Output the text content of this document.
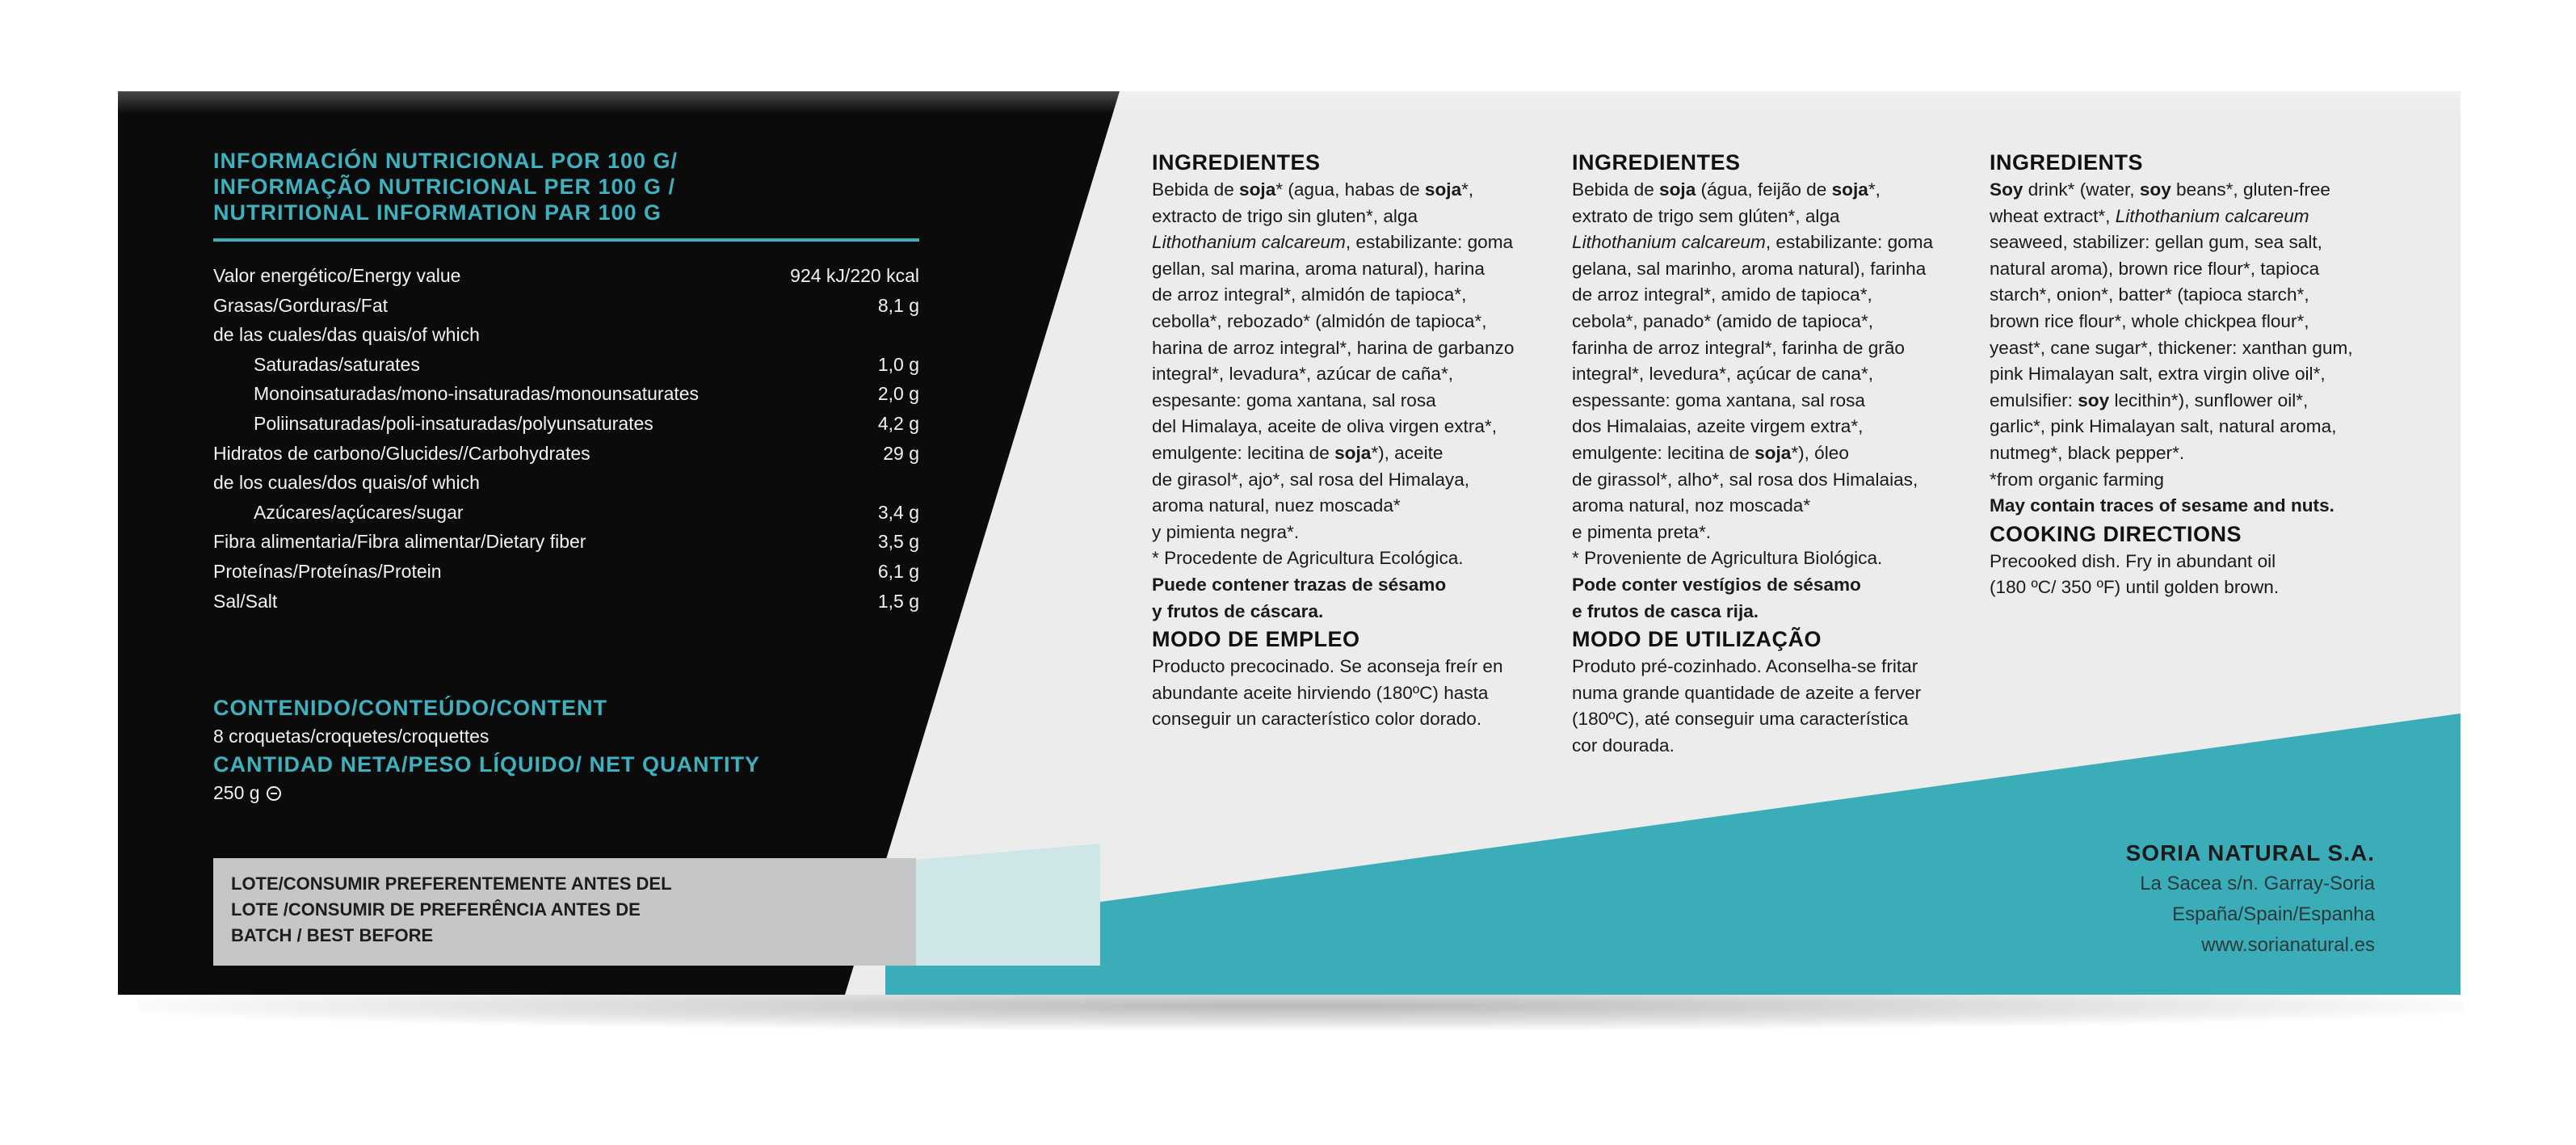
INFORMACIÓN NUTRICIONAL POR 100 G/
INFORMAÇÃO NUTRICIONAL PER 100 G /
NUTRITIONAL INFORMATION PAR 100 G
Valor energético/Energy value	924 kJ/220 kcal
Grasas/Gorduras/Fat	8,1 g
de las cuales/das quais/of which
Saturadas/saturates	1,0 g
Monoinsaturadas/mono-insaturadas/monounsaturates	2,0 g
Poliinsaturadas/poli-insaturadas/polyunsaturates	4,2 g
Hidratos de carbono/Glucides//Carbohydrates	29 g
de los cuales/dos quais/of which
Azúcares/açúcares/sugar	3,4 g
Fibra alimentaria/Fibra alimentar/Dietary fiber	3,5 g
Proteínas/Proteínas/Protein	6,1 g
Sal/Salt	1,5 g
CONTENIDO/CONTEÚDO/CONTENT
8 croquetas/croquetes/croquettes
CANTIDAD NETA/PESO LÍQUIDO/ NET QUANTITY
250 g
LOTE/CONSUMIR PREFERENTEMENTE ANTES DEL
LOTE /CONSUMIR DE PREFERÊNCIA ANTES DE
BATCH / BEST BEFORE
INGREDIENTES

Bebida de soja* (agua, habas de soja*,
extracto de trigo sin gluten*, alga
Lithothanium calcareum, estabilizante: goma
gellan, sal marina, aroma natural), harina
de arroz integral*, almidón de tapioca*,
cebolla*, rebozado* (almidón de tapioca*,
harina de arroz integral*, harina de garbanzo
integral*, levadura*, azúcar de caña*,
espesante: goma xantana, sal rosa
del Himalaya, aceite de oliva virgen extra*,
emulgente: lecitina de soja*), aceite
de girasol*, ajo*, sal rosa del Himalaya,
aroma natural, nuez moscada*
y pimienta negra*.
* Procedente de Agricultura Ecológica.
Puede contener trazas de sésamo
y frutos de cáscara.

MODO DE EMPLEO

Producto precocinado. Se aconseja freír en
abundante aceite hirviendo (180ºC) hasta
conseguir un característico color dorado.

INGREDIENTES

Bebida de soja (água, feijão de soja*,
extrato de trigo sem glúten*, alga
Lithothanium calcareum, estabilizante: goma
gelana, sal marinho, aroma natural), farinha
de arroz integral*, amido de tapioca*,
cebola*, panado* (amido de tapioca*,
farinha de arroz integral*, farinha de grão
integral*, levedura*, açúcar de cana*,
espessante: goma xantana, sal rosa
dos Himalaias, azeite virgem extra*,
emulgente: lecitina de soja*), óleo
de girassol*, alho*, sal rosa dos Himalaias,
aroma natural, noz moscada*
e pimenta preta*.
* Proveniente de Agricultura Biológica.
Pode conter vestígios de sésamo
e frutos de casca rija.

MODO DE UTILIZAÇÃO

Produto pré-cozinhado. Aconselha-se fritar
numa grande quantidade de azeite a ferver
(180ºC), até conseguir uma característica
cor dourada.

INGREDIENTS

Soy drink* (water, soy beans*, gluten-free
wheat extract*, Lithothanium calcareum
seaweed, stabilizer: gellan gum, sea salt,
natural aroma), brown rice flour*, tapioca
starch*, onion*, batter* (tapioca starch*,
brown rice flour*, whole chickpea flour*,
yeast*, cane sugar*, thickener: xanthan gum,
pink Himalayan salt, extra virgin olive oil*,
emulsifier: soy lecithin*), sunflower oil*,
garlic*, pink Himalayan salt, natural aroma,
nutmeg*, black pepper*.
*from organic farming
May contain traces of sesame and nuts.

COOKING DIRECTIONS

Precooked dish. Fry in abundant oil
(180 ºC/ 350 ºF) until golden brown.

SORIA NATURAL S.A.
La Sacea s/n. Garray-Soria
España/Spain/Espanha
www.sorianatural.es
